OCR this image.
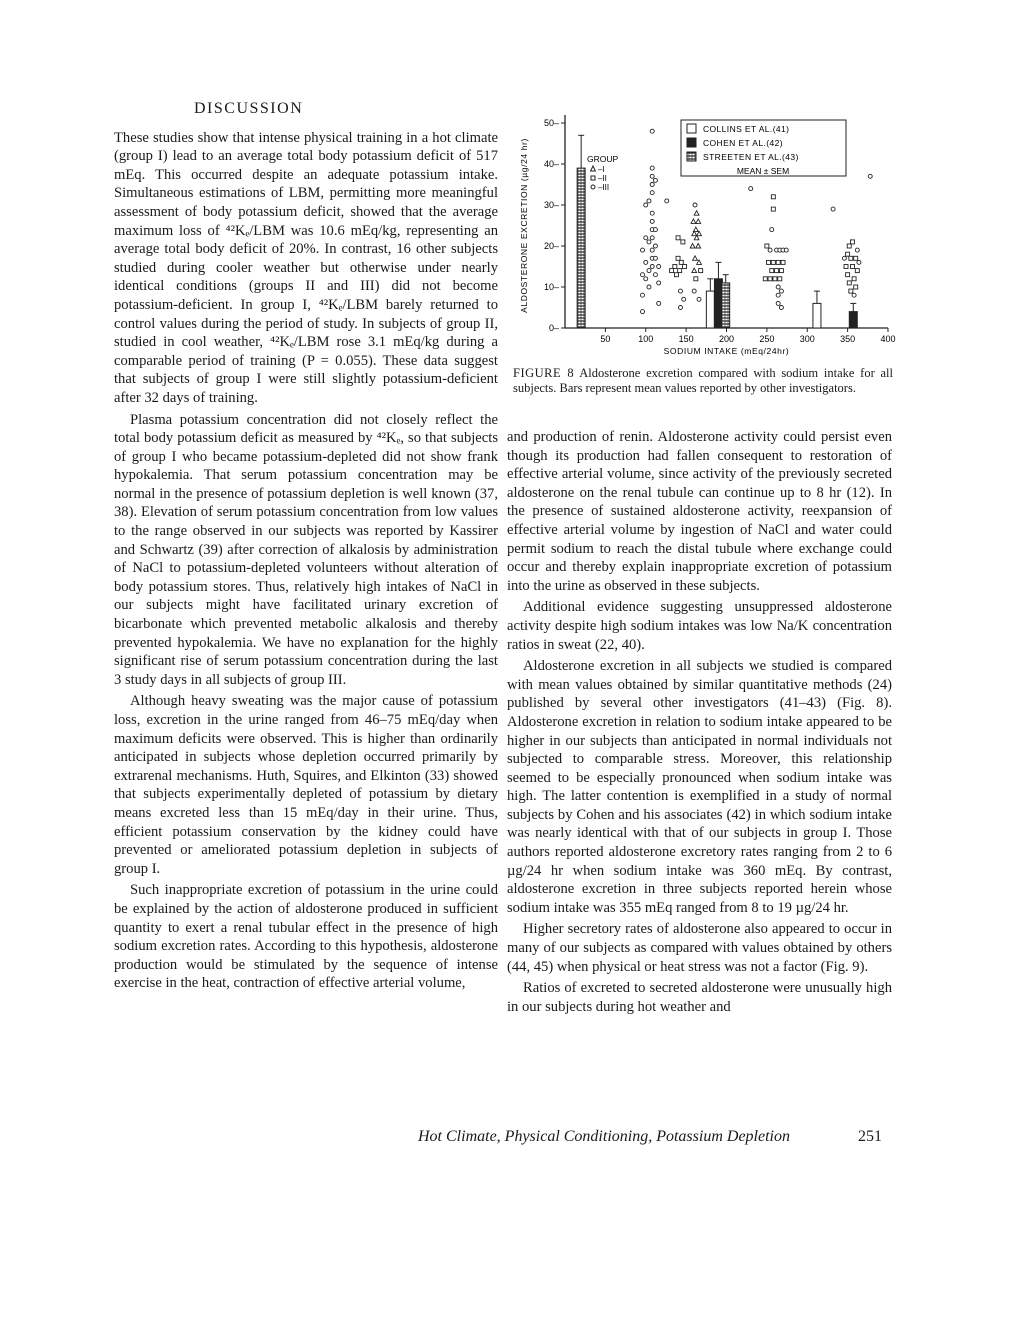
DISCUSSION

These studies show that intense physical training in a hot climate (group I) lead to an average total body potassium deficit of 517 mEq. This occurred despite an adequate potassium intake. Simultaneous estimations of LBM, permitting more meaningful assessment of body potassium deficit, showed that the average maximum loss of ⁴²Kₑ/LBM was 10.6 mEq/kg, representing an average total body deficit of 20%. In contrast, 16 other subjects studied during cooler weather but otherwise under nearly identical conditions (groups II and III) did not become potassium-deficient. In group I, ⁴²Kₑ/LBM barely returned to control values during the period of study. In subjects of group II, studied in cool weather, ⁴²Kₑ/LBM rose 3.1 mEq/kg during a comparable period of training (P = 0.055). These data suggest that subjects of group I were still slightly potassium-deficient after 32 days of training.

Plasma potassium concentration did not closely reflect the total body potassium deficit as measured by ⁴²Kₑ, so that subjects of group I who became potassium-depleted did not show frank hypokalemia. That serum potassium concentration may be normal in the presence of potassium depletion is well known (37, 38). Elevation of serum potassium concentration from low values to the range observed in our subjects was reported by Kassirer and Schwartz (39) after correction of alkalosis by administration of NaCl to potassium-depleted volunteers without alteration of body potassium stores. Thus, relatively high intakes of NaCl in our subjects might have facilitated urinary excretion of bicarbonate which prevented metabolic alkalosis and thereby prevented hypokalemia. We have no explanation for the highly significant rise of serum potassium concentration during the last 3 study days in all subjects of group III.

Although heavy sweating was the major cause of potassium loss, excretion in the urine ranged from 46–75 mEq/day when maximum deficits were observed. This is higher than ordinarily anticipated in subjects whose depletion occurred primarily by extrarenal mechanisms. Huth, Squires, and Elkinton (33) showed that subjects experimentally depleted of potassium by dietary means excreted less than 15 mEq/day in their urine. Thus, efficient potassium conservation by the kidney could have prevented or ameliorated potassium depletion in subjects of group I.

Such inappropriate excretion of potassium in the urine could be explained by the action of aldosterone produced in sufficient quantity to exert a renal tubular effect in the presence of high sodium excretion rates. According to this hypothesis, aldosterone production would be stimulated by the sequence of intense exercise in the heat, contraction of effective arterial volume,

0–
10–
20–
30–
40–
50–
50	100	150	200	250	300	350	400
SODIUM INTAKE (mEq/24hr)
ALDOSTERONE EXCRETION (µg/24 hr)	GROUP
–I
–II
–III
COLLINS ET AL.(41)
COHEN ET AL.(42)
STREETEN ET AL.(43)
MEAN ± SEM
FIGURE 8 Aldosterone excretion compared with sodium intake for all subjects. Bars represent mean values reported by other investigators.

and production of renin. Aldosterone activity could persist even though its production had fallen consequent to restoration of effective arterial volume, since activity of the previously secreted aldosterone on the renal tubule can continue up to 8 hr (12). In the presence of sustained aldosterone activity, reexpansion of effective arterial volume by ingestion of NaCl and water could permit sodium to reach the distal tubule where exchange could occur and thereby explain inappropriate excretion of potassium into the urine as observed in these subjects.

Additional evidence suggesting unsuppressed aldosterone activity despite high sodium intakes was low Na/K concentration ratios in sweat (22, 40).

Aldosterone excretion in all subjects we studied is compared with mean values obtained by similar quantitative methods (24) published by several other investigators (41–43) (Fig. 8). Aldosterone excretion in relation to sodium intake appeared to be higher in our subjects than anticipated in normal individuals not subjected to comparable stress. Moreover, this relationship seemed to be especially pronounced when sodium intake was high. The latter contention is exemplified in a study of normal subjects by Cohen and his associates (42) in which sodium intake was nearly identical with that of our subjects in group I. Those authors reported aldosterone excretory rates ranging from 2 to 6 µg/24 hr when sodium intake was 360 mEq. By contrast, aldosterone excretion in three subjects reported herein whose sodium intake was 355 mEq ranged from 8 to 19 µg/24 hr.

Higher secretory rates of aldosterone also appeared to occur in many of our subjects as compared with values obtained by others (44, 45) when physical or heat stress was not a factor (Fig. 9).

Ratios of excreted to secreted aldosterone were unusually high in our subjects during hot weather and

Hot Climate, Physical Conditioning, Potassium Depletion	251
